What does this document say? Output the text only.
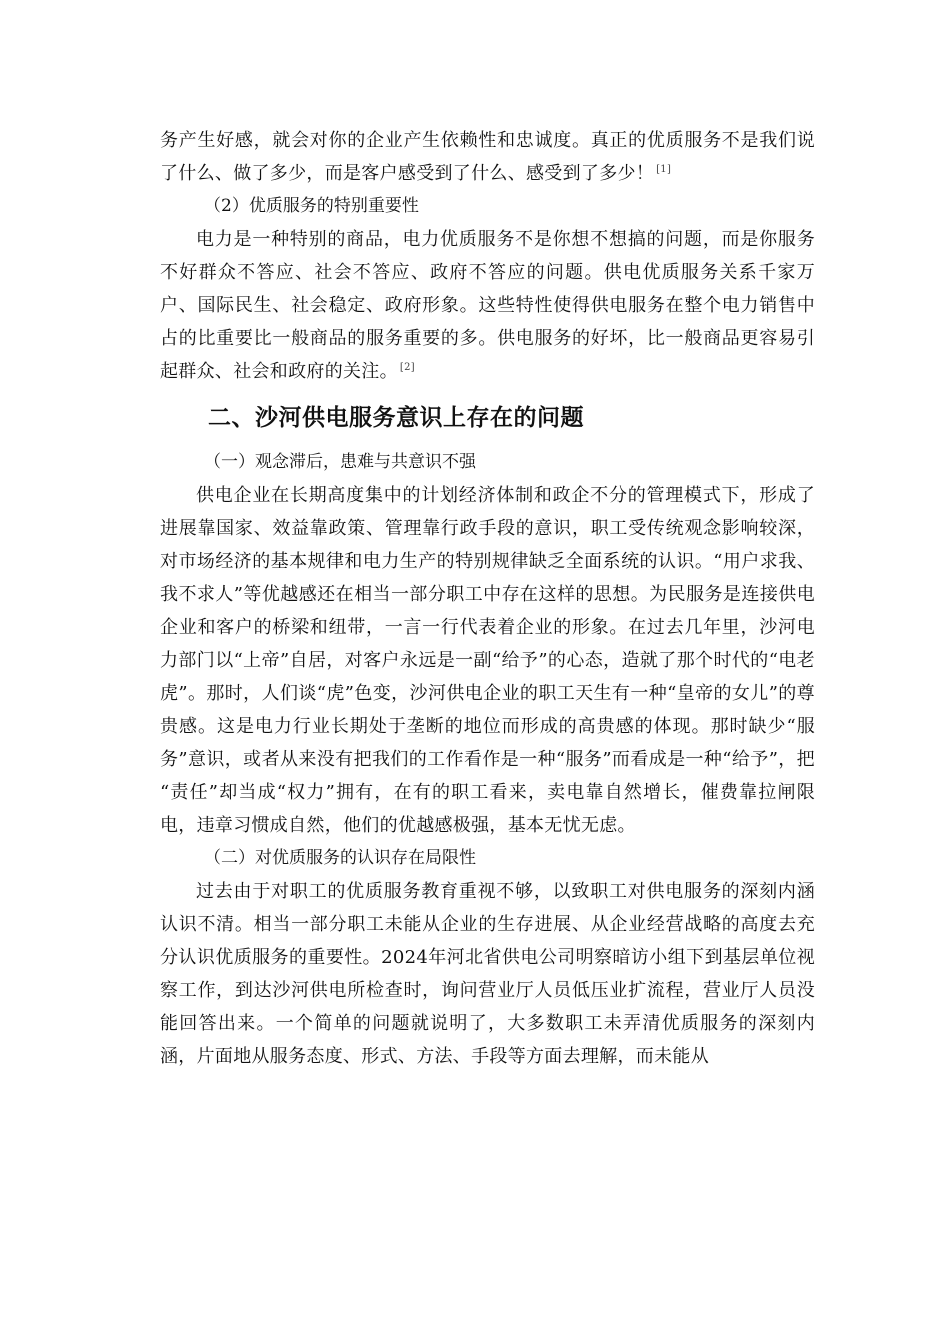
务产生好感，就会对你的企业产生依赖性和忠诚度。真正的优质服务不是我们说了什么、做了多少，而是客户感受到了什么、感受到了多少！ [1]

（2）优质服务的特别重要性

电力是一种特别的商品，电力优质服务不是你想不想搞的问题，而是你服务不好群众不答应、社会不答应、政府不答应的问题。供电优质服务关系千家万户、国际民生、社会稳定、政府形象。这些特性使得供电服务在整个电力销售中占的比重要比一般商品的服务重要的多。供电服务的好坏，比一般商品更容易引起群众、社会和政府的关注。 [2]

二、沙河供电服务意识上存在的问题

（一）观念滞后，患难与共意识不强

供电企业在长期高度集中的计划经济体制和政企不分的管理模式下，形成了进展靠国家、效益靠政策、管理靠行政手段的意识，职工受传统观念影响较深，对市场经济的基本规律和电力生产的特别规律缺乏全面系统的认识。“用户求我、我不求人”等优越感还在相当一部分职工中存在这样的思想。为民服务是连接供电企业和客户的桥梁和纽带，一言一行代表着企业的形象。在过去几年里，沙河电力部门以“上帝”自居，对客户永远是一副“给予”的心态，造就了那个时代的“电老虎”。那时，人们谈“虎”色变，沙河供电企业的职工天生有一种“皇帝的女儿”的尊贵感。这是电力行业长期处于垄断的地位而形成的高贵感的体现。那时缺少“服务”意识，或者从来没有把我们的工作看作是一种“服务”而看成是一种“给予”，把 “责任”却当成“权力”拥有，在有的职工看来，卖电靠自然增长，催费靠拉闸限电，违章习惯成自然，他们的优越感极强，基本无忧无虑。

（二）对优质服务的认识存在局限性

过去由于对职工的优质服务教育重视不够，以致职工对供电服务的深刻内涵认识不清。相当一部分职工未能从企业的生存进展、从企业经营战略的高度去充分认识优质服务的重要性。2024年河北省供电公司明察暗访小组下到基层单位视察工作，到达沙河供电所检查时，询问营业厅人员低压业扩流程，营业厅人员没能回答出来。一个简单的问题就说明了，大多数职工未弄清优质服务的深刻内涵，片面地从服务态度、形式、方法、手段等方面去理解，而未能从
